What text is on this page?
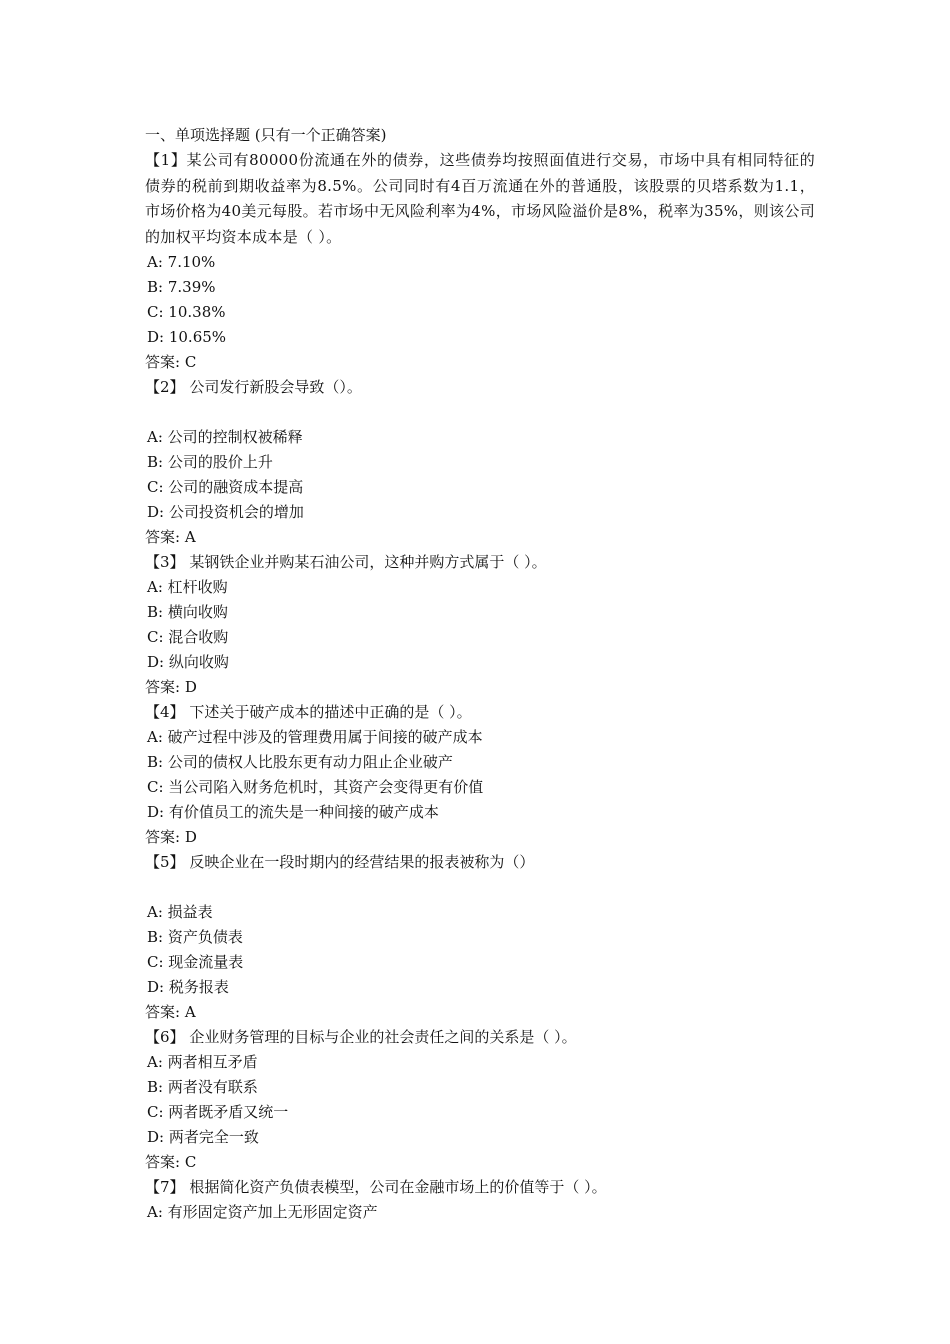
一、单项选择题 (只有一个正确答案)

【1】某公司有80000份流通在外的债券，这些债券均按照面值进行交易，市场中具有相同特征的债券的税前到期收益率为8.5%。公司同时有4百万流通在外的普通股，该股票的贝塔系数为1.1，市场价格为40美元每股。若市场中无风险利率为4%，市场风险溢价是8%，税率为35%，则该公司的加权平均资本成本是（ ）。

A: 7.10%

B: 7.39%

C: 10.38%

D: 10.65%

答案: C

【2】 公司发行新股会导致（）。

A: 公司的控制权被稀释

B: 公司的股价上升

C: 公司的融资成本提高

D: 公司投资机会的增加

答案: A

【3】 某钢铁企业并购某石油公司，这种并购方式属于（ ）。

A: 杠杆收购

B: 横向收购

C: 混合收购

D: 纵向收购

答案: D

【4】 下述关于破产成本的描述中正确的是（ ）。

A: 破产过程中涉及的管理费用属于间接的破产成本

B: 公司的债权人比股东更有动力阻止企业破产

C: 当公司陷入财务危机时，其资产会变得更有价值

D: 有价值员工的流失是一种间接的破产成本

答案: D

【5】 反映企业在一段时期内的经营结果的报表被称为（）

A: 损益表

B: 资产负债表

C: 现金流量表

D: 税务报表

答案: A

【6】 企业财务管理的目标与企业的社会责任之间的关系是（ ）。

A: 两者相互矛盾

B: 两者没有联系

C: 两者既矛盾又统一

D: 两者完全一致

答案: C

【7】 根据简化资产负债表模型，公司在金融市场上的价值等于（ ）。

A: 有形固定资产加上无形固定资产
